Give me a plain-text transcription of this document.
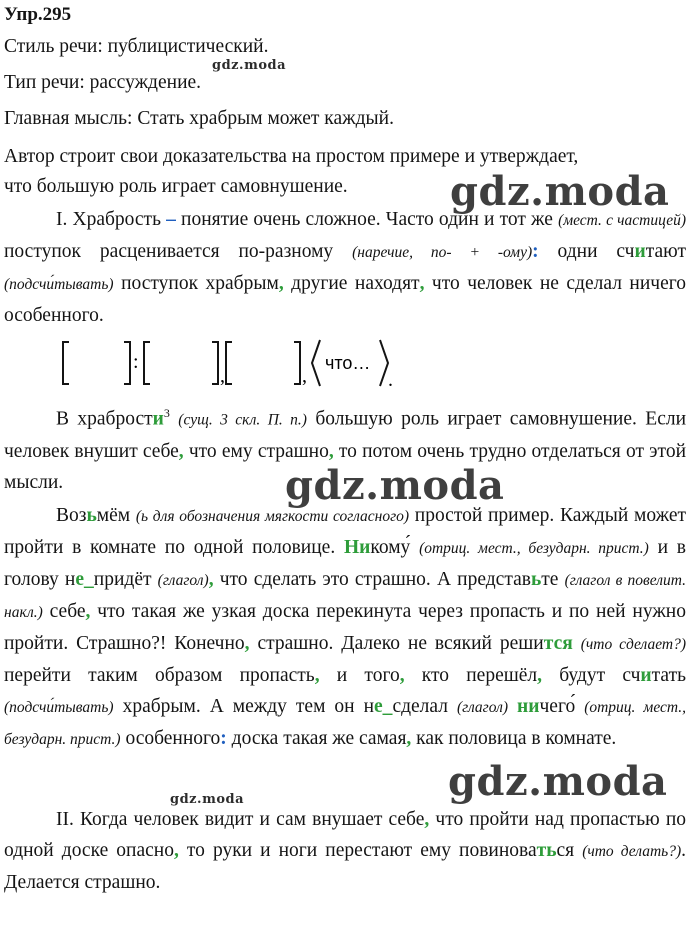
Упр.295
Стиль речи: публицистический.
gdz.moda
Тип речи: рассуждение.
Главная мысль: Стать храбрым может каждый.
Автор строит свои доказательства на простом примере и утверждает,
что большую роль играет самовнушение.	gdz.moda
I. Храбрость – понятие очень сложное. Часто один и тот же (мест. с частицей) поступок расценивается по-разному (наречие, по- + -ому): одни считают (подсчи́тывать) поступок храбрым, другие находят, что человек не сделал ничего особенного.
:
,	,
что…
.
В храбрости$^3$ (сущ. 3 скл. П. п.) большую роль играет самовнушение. Если человек внушит себе, что ему страшно, то потом очень трудно отделаться от этой мысли.	gdz.moda
Возьмём (ь для обозначения мягкости согласного) простой пример. Каждый может пройти в комнате по одной половице. Никому́ (отриц. мест., безударн. прист.) и в голову не_придёт (глагол), что сделать это страшно. А представьте (глагол в повелит. накл.) себе, что такая же узкая доска перекинута через пропасть и по ней нужно пройти. Страшно?! Конечно, страшно. Далеко не всякий решится (что сделает?) перейти таким образом пропасть, и того, кто перешёл, будут считать (подсчи́тывать) храбрым. А между тем он не_сделал (глагол) ничего́ (отриц. мест., безударн. прист.) особенного: доска такая же самая, как половица в комнате.
gdz.moda
gdz.moda
II. Когда человек видит и сам внушает себе, что пройти над пропастью по одной доске опасно, то руки и ноги перестают ему повиноваться (что делать?). Делается страшно.
